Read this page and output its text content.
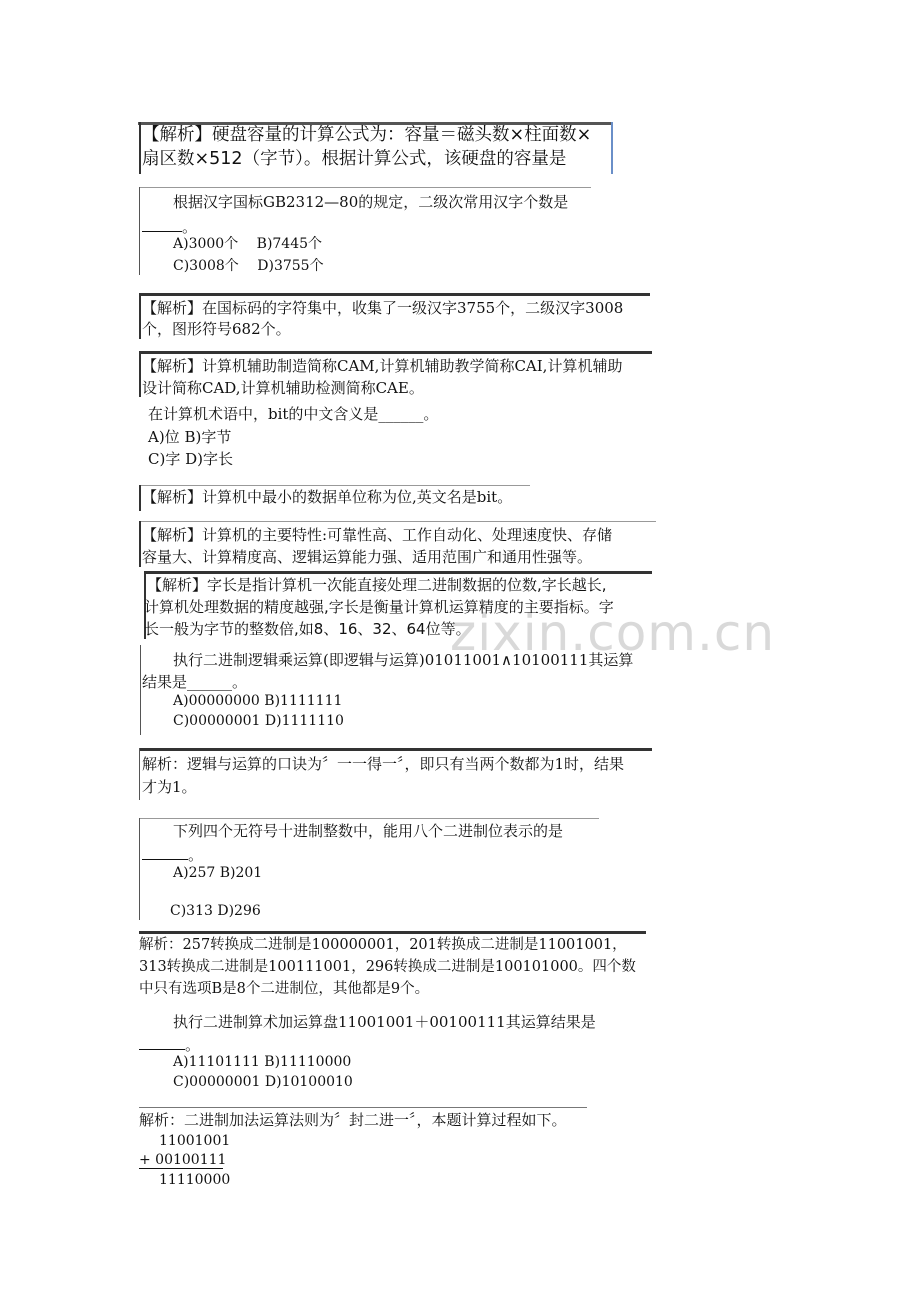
zixin.com.cn
【解析】硬盘容量的计算公式为：容量＝磁头数×柱面数×
扇区数×512（字节）。根据计算公式，该硬盘的容量是
根据汉字国标GB2312—80的规定，二级次常用汉字个数是
。
A)3000个　 B)7445个
C)3008个　 D)3755个
【解析】在国标码的字符集中，收集了一级汉字3755个，二级汉字3008
个，图形符号682个。
【解析】计算机辅助制造简称CAM,计算机辅助教学简称CAI,计算机辅助
设计简称CAD,计算机辅助检测简称CAE。
在计算机术语中，bit的中文含义是______。
A)位 B)字节
C)字 D)字长
【解析】计算机中最小的数据单位称为位,英文名是bit。
【解析】计算机的主要特性:可靠性高、工作自动化、处理速度快、存储
容量大、计算精度高、逻辑运算能力强、适用范围广和通用性强等。
【解析】字长是指计算机一次能直接处理二进制数据的位数,字长越长,
计算机处理数据的精度越强,字长是衡量计算机运算精度的主要指标。字
长一般为字节的整数倍,如8、16、32、64位等。
执行二进制逻辑乘运算(即逻辑与运算)01011001∧10100111其运算
结果是______。
A)00000000 B)1111111
C)00000001 D)1111110
解析：逻辑与运算的口诀为〞一一得一〞，即只有当两个数都为1时，结果
才为1。
下列四个无符号十进制整数中，能用八个二进制位表示的是
。
A)257 B)201
C)313 D)296
解析：257转换成二进制是100000001，201转换成二进制是11001001，
313转换成二进制是100111001，296转换成二进制是100101000。四个数
中只有选项B是8个二进制位，其他都是9个。
执行二进制算术加运算盘11001001＋00100111其运算结果是
。
A)11101111 B)11110000
C)00000001 D)10100010
解析：二进制加法运算法则为〞封二进一〞，本题计算过程如下。
11001001
+ 00100111
11110000
